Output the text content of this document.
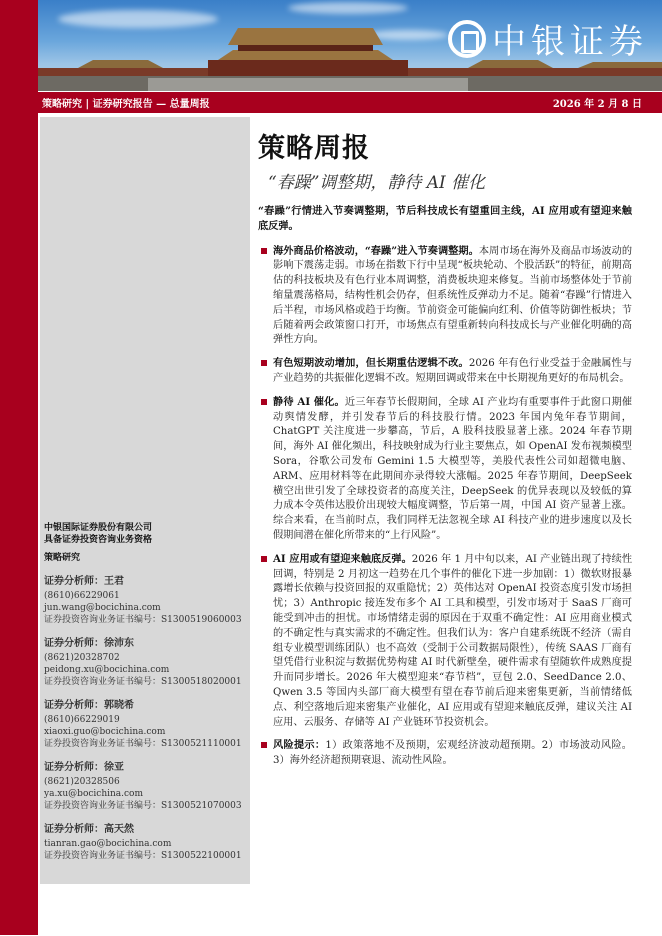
中银证券
策略研究 | 证券研究报告 — 总量周报	2026 年 2 月 8 日
中银国际证券股份有限公司
具备证券投资咨询业务资格
策略研究
证券分析师：王君
(8610)66229061
jun.wang@bocichina.com
证券投资咨询业务证书编号：S1300519060003
证券分析师：徐沛东
(8621)20328702
peidong.xu@bocichina.com
证券投资咨询业务证书编号：S1300518020001
证券分析师：郭晓希
(8610)66229019
xiaoxi.guo@bocichina.com
证券投资咨询业务证书编号：S1300521110001
证券分析师：徐亚
(8621)20328506
ya.xu@bocichina.com
证券投资咨询业务证书编号：S1300521070003
证券分析师：高天然
tianran.gao@bocichina.com
证券投资咨询业务证书编号：S1300522100001
策略周报
“春躁”调整期，静待 AI 催化

“春躁”行情进入节奏调整期，节后科技成长有望重回主线，AI 应用或有望迎来触底反弹。

海外商品价格波动，“春躁”进入节奏调整期。本周市场在海外及商品市场波动的影响下震荡走弱。市场在指数下行中呈现“板块轮动、个股活跃”的特征，前期高估的科技板块及有色行业本周调整，消费板块迎来修复。当前市场整体处于节前缩量震荡格局，结构性机会仍存，但系统性反弹动力不足。随着“春躁”行情进入后半程，市场风格或趋于均衡。节前资金可能偏向红利、价值等防御性板块；节后随着两会政策窗口打开，市场焦点有望重新转向科技成长与产业催化明确的高弹性方向。
有色短期波动增加，但长期重估逻辑不改。2026 年有色行业受益于金融属性与产业趋势的共振催化逻辑不改。短期回调或带来在中长期视角更好的布局机会。
静待 AI 催化。近三年春节长假期间，全球 AI 产业均有重要事件于此窗口期催动舆情发酵，并引发春节后的科技股行情。2023 年国内兔年春节期间，ChatGPT 关注度进一步攀高，节后，A 股科技股显著上涨。2024 年春节期间，海外 AI 催化频出，科技映射成为行业主要焦点，如 OpenAI 发布视频模型 Sora，谷歌公司发布 Gemini 1.5 大模型等，美股代表性公司如超微电脑、ARM、应用材料等在此期间亦录得较大涨幅。2025 年春节期间，DeepSeek 横空出世引发了全球投资者的高度关注，DeepSeek 的优异表现以及较低的算力成本令英伟达股价出现较大幅度调整，节后第一周，中国 AI 资产显著上涨。综合来看，在当前时点，我们同样无法忽视全球 AI 科技产业的进步速度以及长假期间潜在催化所带来的“上行风险”。
AI 应用或有望迎来触底反弹。2026 年 1 月中旬以来，AI 产业链出现了持续性回调，特别是 2 月初这一趋势在几个事件的催化下进一步加剧：1）微软财报暴露增长依赖与投资回报的双重隐忧；2）英伟达对 OpenAI 投资态度引发市场担忧；3）Anthropic 接连发布多个 AI 工具和模型，引发市场对于 SaaS 厂商可能受到冲击的担忧。市场情绪走弱的原因在于双重不确定性：AI 应用商业模式的不确定性与真实需求的不确定性。但我们认为：客户自建系统既不经济（需自组专业模型训练团队）也不高效（受制于公司数据局限性），传统 SAAS 厂商有望凭借行业积淀与数据优势构建 AI 时代新壁垒，硬件需求有望随软件成熟度提升而同步增长。2026 年大模型迎来“春节档”，豆包 2.0、SeedDance 2.0、Qwen 3.5 等国内头部厂商大模型有望在春节前后迎来密集更新，当前情绪低点、利空落地后迎来密集产业催化，AI 应用或有望迎来触底反弹，建议关注 AI 应用、云服务、存储等 AI 产业链环节投资机会。
风险提示：1）政策落地不及预期，宏观经济波动超预期。2）市场波动风险。3）海外经济超预期衰退、流动性风险。
